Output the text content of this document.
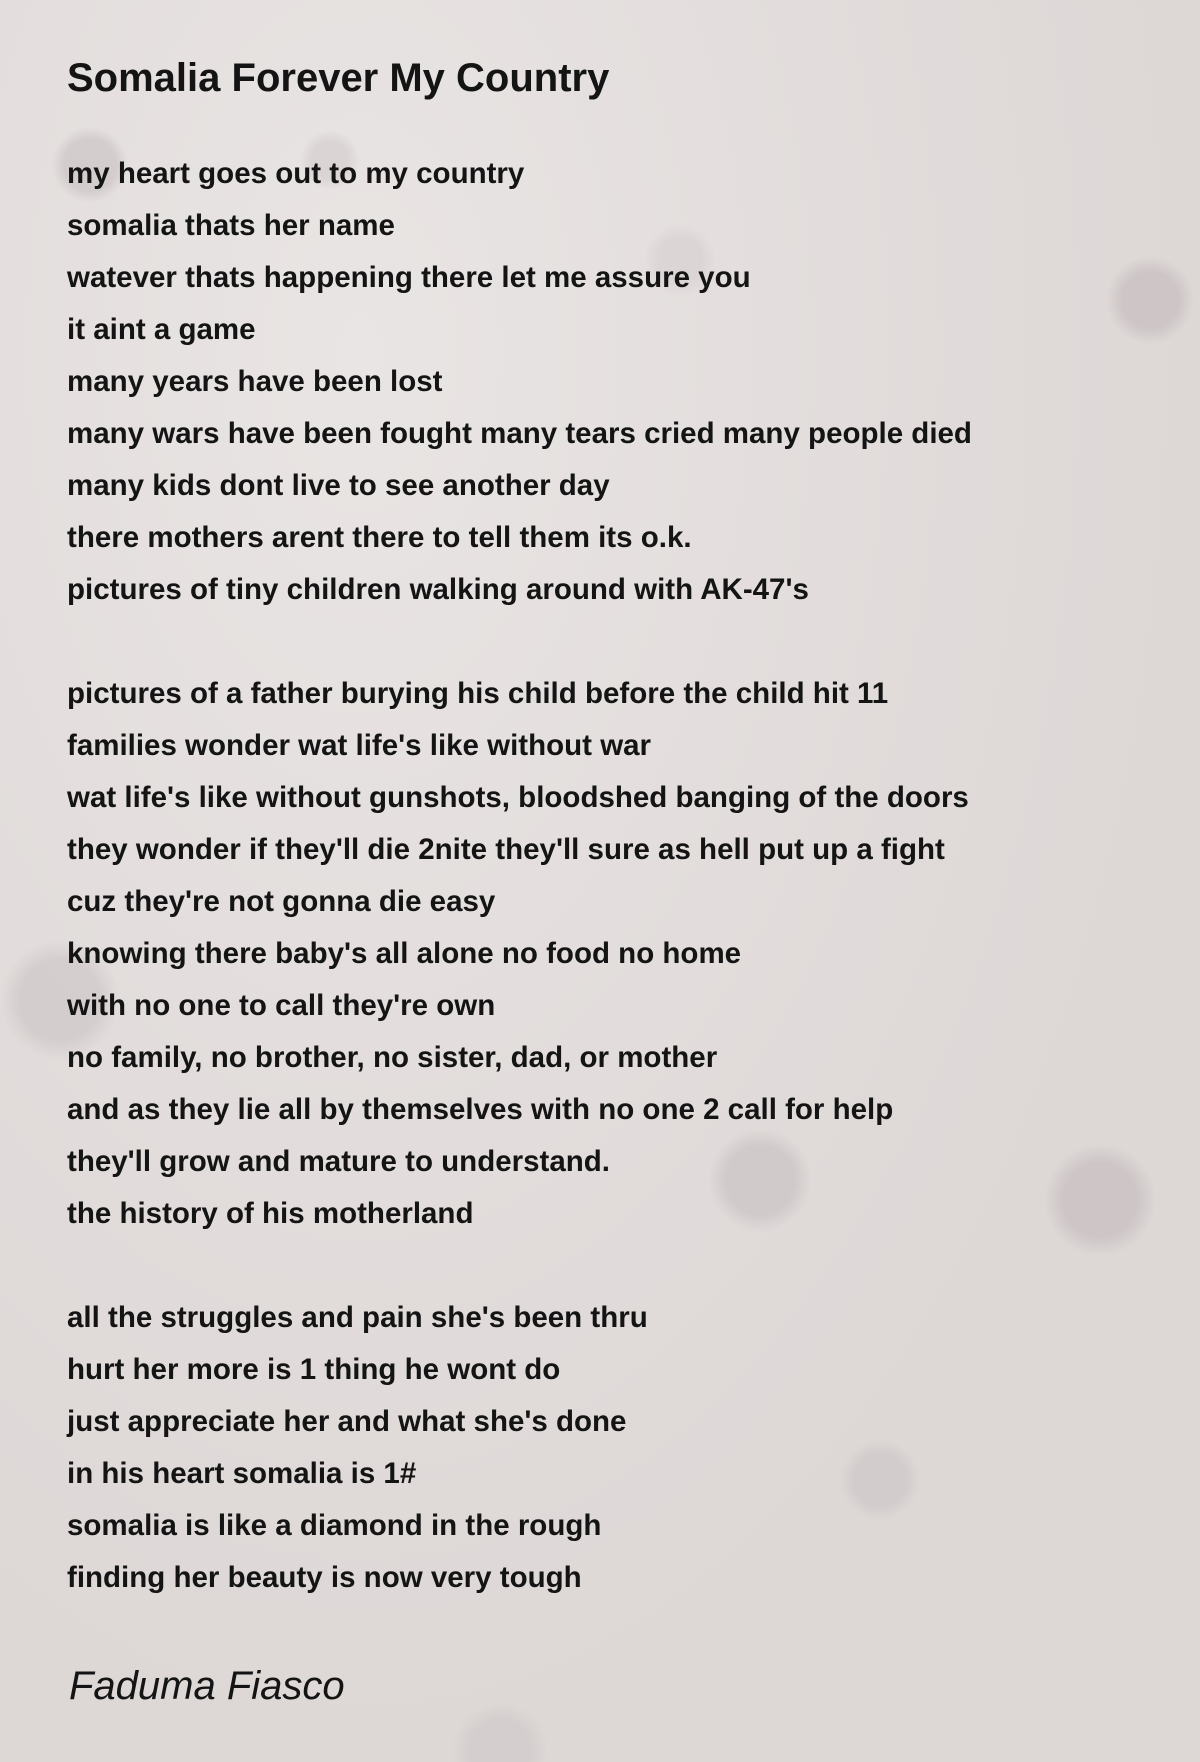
Somalia Forever My Country
my heart goes out to my country
somalia thats her name
watever thats happening there let me assure you
it aint a game
many years have been lost
many wars have been fought many tears cried many people died
many kids dont live to see another day
there mothers arent there to tell them its o.k.
pictures of tiny children walking around with AK-47's
pictures of a father burying his child before the child hit 11
families wonder wat life's like without war
wat life's like without gunshots, bloodshed banging of the doors
they wonder if they'll die 2nite they'll sure as hell put up a fight
cuz they're not gonna die easy
knowing there baby's all alone no food no home
with no one to call they're own
no family, no brother, no sister, dad, or mother
and as they lie all by themselves with no one 2 call for help
they'll grow and mature to understand.
the history of his motherland
all the struggles and pain she's been thru
hurt her more is 1 thing he wont do
just appreciate her and what she's done
in his heart somalia is 1#
somalia is like a diamond in the rough
finding her beauty is now very tough

Faduma Fiasco
